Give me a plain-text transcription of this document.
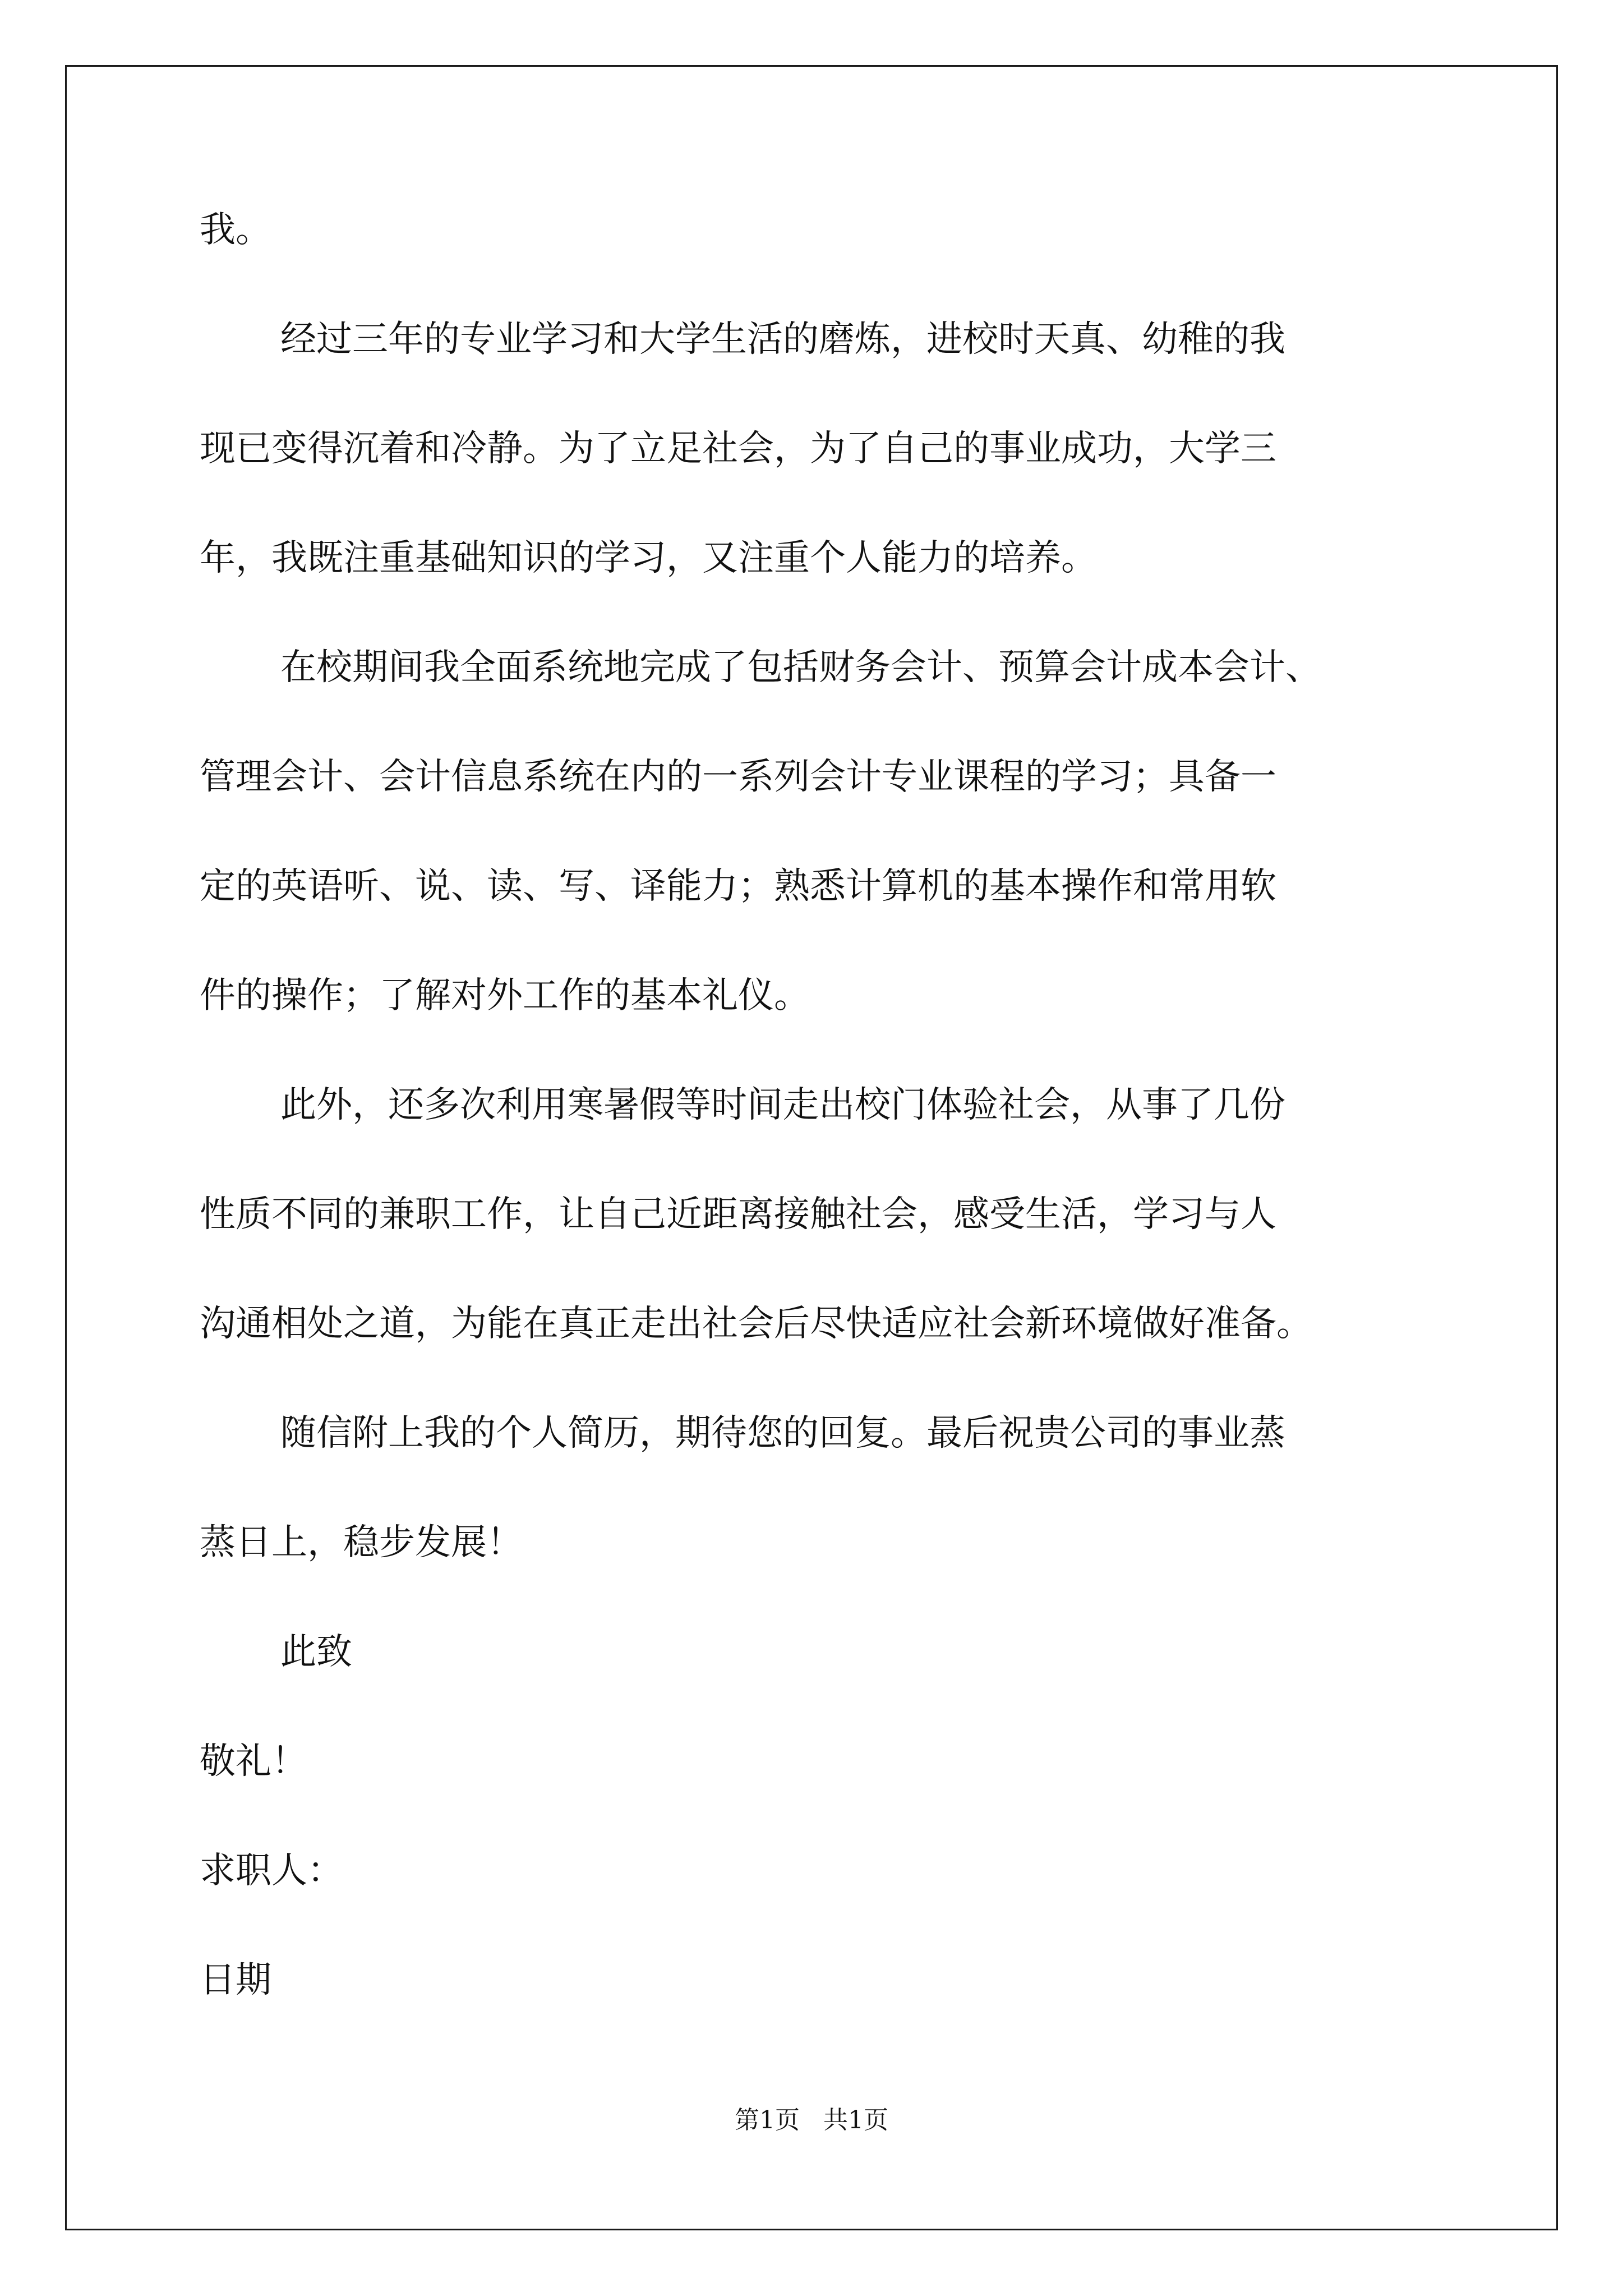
我。
经过三年的专业学习和大学生活的磨炼，进校时天真、幼稚的我
现已变得沉着和冷静。为了立足社会，为了自己的事业成功，大学三
年，我既注重基础知识的学习，又注重个人能力的培养。
在校期间我全面系统地完成了包括财务会计、预算会计成本会计、
管理会计、会计信息系统在内的一系列会计专业课程的学习；具备一
定的英语听、说、读、写、译能力；熟悉计算机的基本操作和常用软
件的操作；了解对外工作的基本礼仪。
此外，还多次利用寒暑假等时间走出校门体验社会，从事了几份
性质不同的兼职工作，让自己近距离接触社会，感受生活，学习与人
沟通相处之道，为能在真正走出社会后尽快适应社会新环境做好准备。
随信附上我的个人简历，期待您的回复。最后祝贵公司的事业蒸
蒸日上，稳步发展！
此致
敬礼！
求职人：
日期
第1页   共1页
